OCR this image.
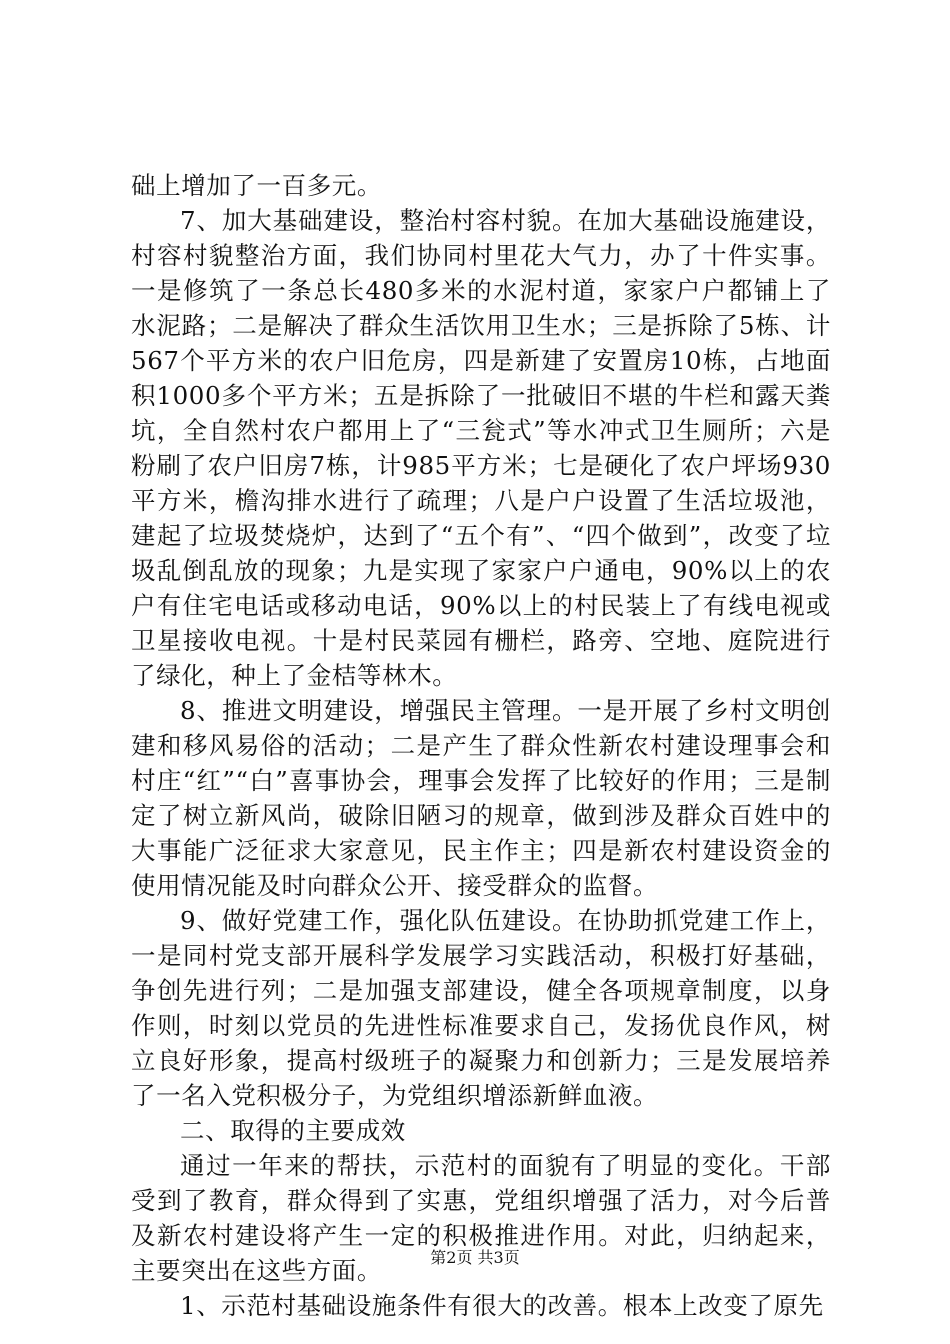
础上增加了一百多元。

7、加大基础建设，整治村容村貌。在加大基础设施建设，村容村貌整治方面，我们协同村里花大气力，办了十件实事。一是修筑了一条总长480多米的水泥村道，家家户户都铺上了水泥路；二是解决了群众生活饮用卫生水；三是拆除了5栋、计567个平方米的农户旧危房，四是新建了安置房10栋，占地面积1000多个平方米；五是拆除了一批破旧不堪的牛栏和露天粪坑，全自然村农户都用上了“三瓮式”等水冲式卫生厕所；六是粉刷了农户旧房7栋，计985平方米；七是硬化了农户坪场930平方米，檐沟排水进行了疏理；八是户户设置了生活垃圾池，建起了垃圾焚烧炉，达到了“五个有”、“四个做到”，改变了垃圾乱倒乱放的现象；九是实现了家家户户通电，90%以上的农户有住宅电话或移动电话，90%以上的村民装上了有线电视或卫星接收电视。十是村民菜园有栅栏，路旁、空地、庭院进行了绿化，种上了金桔等林木。

8、推进文明建设，增强民主管理。一是开展了乡村文明创建和移风易俗的活动；二是产生了群众性新农村建设理事会和村庄“红”“白”喜事协会，理事会发挥了比较好的作用；三是制定了树立新风尚，破除旧陋习的规章，做到涉及群众百姓中的大事能广泛征求大家意见，民主作主；四是新农村建设资金的使用情况能及时向群众公开、接受群众的监督。

9、做好党建工作，强化队伍建设。在协助抓党建工作上，一是同村党支部开展科学发展学习实践活动，积极打好基础，争创先进行列；二是加强支部建设，健全各项规章制度，以身作则，时刻以党员的先进性标准要求自己，发扬优良作风，树立良好形象，提高村级班子的凝聚力和创新力；三是发展培养了一名入党积极分子，为党组织增添新鲜血液。

二、取得的主要成效

通过一年来的帮扶，示范村的面貌有了明显的变化。干部受到了教育，群众得到了实惠，党组织增强了活力，对今后普及新农村建设将产生一定的积极推进作用。对此，归纳起来，主要突出在这些方面。

1、示范村基础设施条件有很大的改善。根本上改变了原先

第2页 共3页
